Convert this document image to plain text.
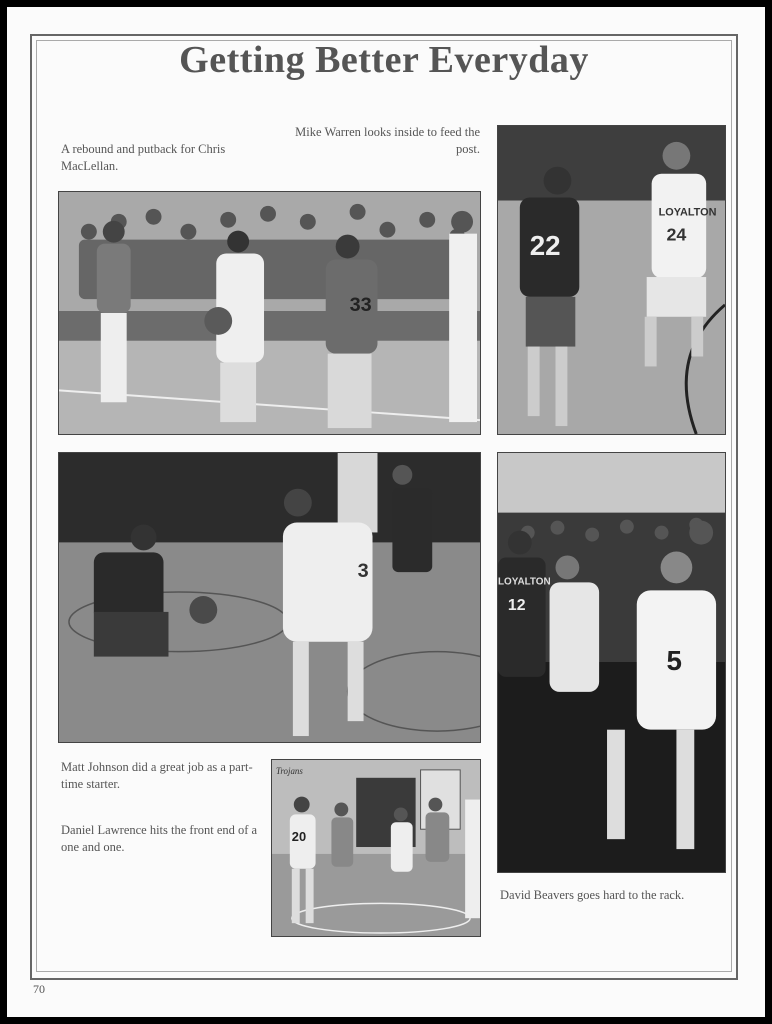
Getting Better Everyday
A rebound and putback for Chris MacLellan.
Mike Warren looks inside to feed the post.
33
22
LOYALTON
24
3	LOYALTON
12
5
Matt Johnson did a great job as a part-time starter.
Daniel Lawrence hits the front end of a one and one.
20
Trojans
David Beavers goes hard to the rack.
70
